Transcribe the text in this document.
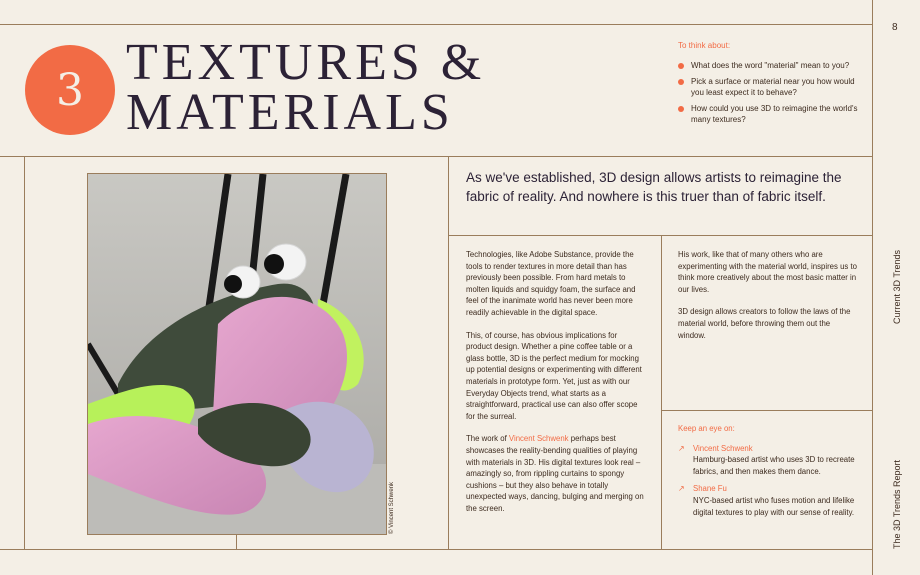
8
Current 3D Trends
The 3D Trends Report
3 TEXTURES &
MATERIALS
To think about:
What does the word "material" mean to you?
Pick a surface or material near you how would you least expect it to behave?
How could you use 3D to reimagine the world's many textures?
© Vincent Schwenk
As we've established, 3D design allows artists to reimagine the fabric of reality. And nowhere is this truer than of fabric itself.

Technologies, like Adobe Substance, provide the tools to render textures in more detail than has previously been possible. From hard metals to molten liquids and squidgy foam, the surface and feel of the inanimate world has never been more readily achievable in the digital space.

This, of course, has obvious implications for product design. Whether a pine coffee table or a glass bottle, 3D is the perfect medium for mocking up potential designs or experimenting with different materials in prototype form. Yet, just as with our Everyday Objects trend, what starts as a straightforward, practical use can also offer scope for the surreal.

The work of Vincent Schwenk perhaps best showcases the reality-bending qualities of playing with materials in 3D. His digital textures look real – amazingly so, from rippling curtains to spongy cushions – but they also behave in totally unexpected ways, dancing, bulging and merging on the screen.

His work, like that of many others who are experimenting with the material world, inspires us to think more creatively about the most basic matter in our lives.

3D design allows creators to follow the laws of the material world, before throwing them out the window.

Keep an eye on:
↗ Vincent Schwenk
Hamburg-based artist who uses 3D to recreate fabrics, and then makes them dance.
↗ Shane Fu
NYC-based artist who fuses motion and lifelike digital textures to play with our sense of reality.
